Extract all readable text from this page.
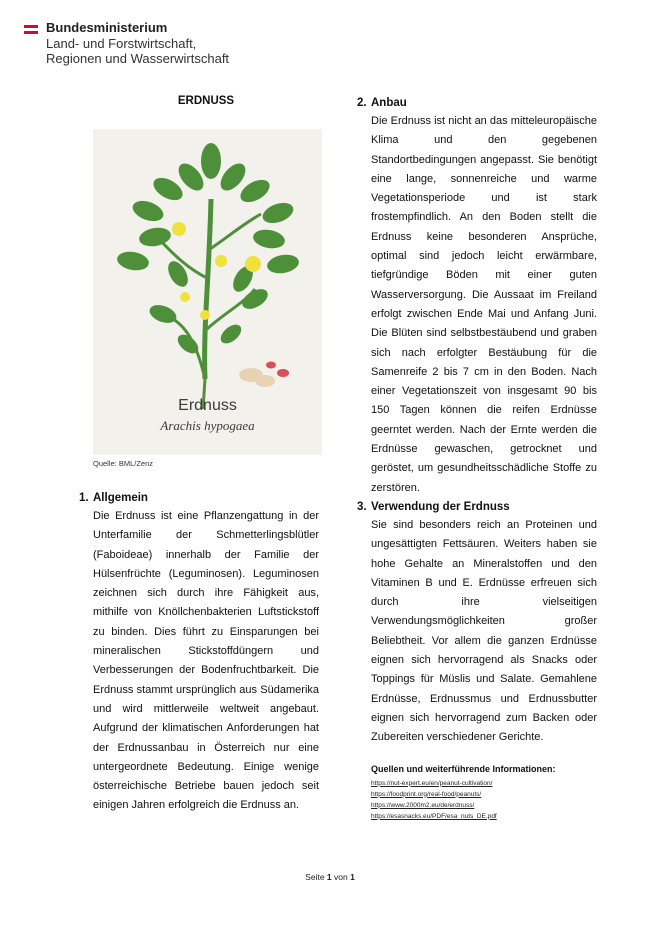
Bundesministerium
Land- und Forstwirtschaft,
Regionen und Wasserwirtschaft
ERDNUSS
Erdnuss
Arachis hypogaea
Quelle: BML/Zenz
1. Allgemein

Die Erdnuss ist eine Pflanzengattung in der Unterfamilie der Schmetterlingsblütler (Faboideae) innerhalb der Familie der Hülsenfrüchte (Leguminosen). Leguminosen zeichnen sich durch ihre Fähigkeit aus, mithilfe von Knöllchenbakterien Luftstickstoff zu binden. Dies führt zu Einsparungen bei mineralischen Stickstoffdüngern und Verbesserungen der Bodenfruchtbarkeit. Die Erdnuss stammt ursprünglich aus Südamerika und wird mittlerweile weltweit angebaut. Aufgrund der klimatischen Anforderungen hat der Erdnussanbau in Österreich nur eine untergeordnete Bedeutung. Einige wenige österreichische Betriebe bauen jedoch seit einigen Jahren erfolgreich die Erdnuss an.

2. Anbau

Die Erdnuss ist nicht an das mitteleuropäische Klima und den gegebenen Standortbedingungen angepasst. Sie benötigt eine lange, sonnenreiche und warme Vegetationsperiode und ist stark frostempfindlich. An den Boden stellt die Erdnuss keine besonderen Ansprüche, optimal sind jedoch leicht erwärmbare, tiefgründige Böden mit einer guten Wasserversorgung. Die Aussaat im Freiland erfolgt zwischen Ende Mai und Anfang Juni. Die Blüten sind selbstbestäubend und graben sich nach erfolgter Bestäubung für die Samenreife 2 bis 7 cm in den Boden. Nach einer Vegetationszeit von insgesamt 90 bis 150 Tagen können die reifen Erdnüsse geerntet werden. Nach der Ernte werden die Erdnüsse gewaschen, getrocknet und geröstet, um gesundheitsschädliche Stoffe zu zerstören.

3. Verwendung der Erdnuss

Sie sind besonders reich an Proteinen und ungesättigten Fettsäuren. Weiters haben sie hohe Gehalte an Mineralstoffen und den Vitaminen B und E. Erdnüsse erfreuen sich durch ihre vielseitigen Verwendungsmöglichkeiten großer Beliebtheit. Vor allem die ganzen Erdnüsse eignen sich hervorragend als Snacks oder Toppings für Müslis und Salate. Gemahlene Erdnüsse, Erdnussmus und Erdnussbutter eignen sich hervorragend zum Backen oder Zubereiten verschiedener Gerichte.

Quellen und weiterführende Informationen:
https://nut-expert.eu/en/peanut-cultivation/
https://foodprint.org/real-food/peanuts/
https://www.2000m2.eu/de/erdnuss/
https://esasnacks.eu/PDF/esa_nuts_DE.pdf
Seite 1 von 1
